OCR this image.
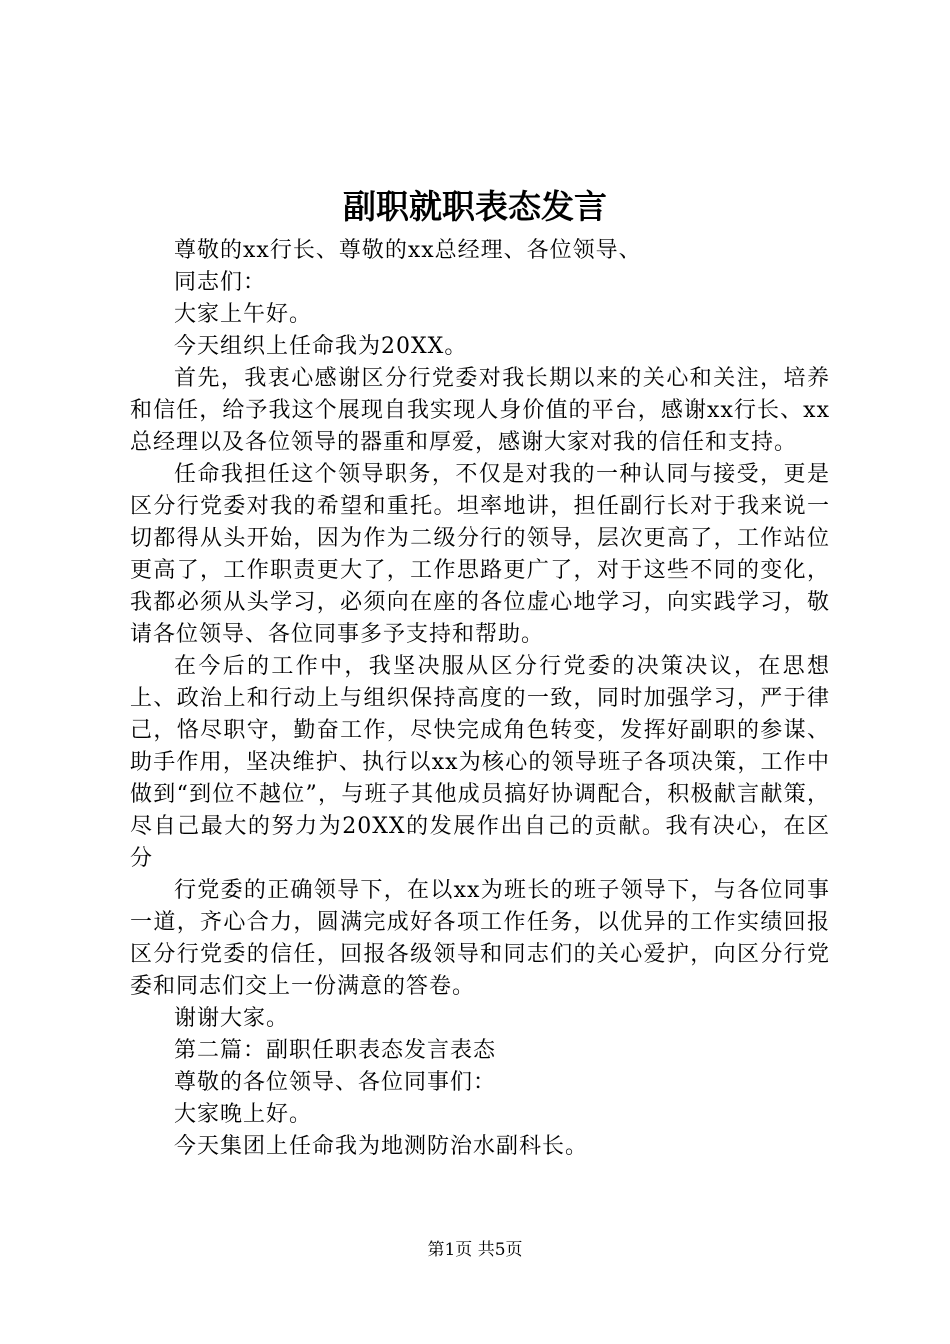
副职就职表态发言

尊敬的xx行长、尊敬的xx总经理、各位领导、

同志们：

大家上午好。

今天组织上任命我为20XX。

首先，我衷心感谢区分行党委对我长期以来的关心和关注，培养和信任，给予我这个展现自我实现人身价值的平台，感谢xx行长、xx总经理以及各位领导的器重和厚爱，感谢大家对我的信任和支持。

任命我担任这个领导职务，不仅是对我的一种认同与接受，更是区分行党委对我的希望和重托。坦率地讲，担任副行长对于我来说一切都得从头开始，因为作为二级分行的领导，层次更高了，工作站位更高了，工作职责更大了，工作思路更广了，对于这些不同的变化，我都必须从头学习，必须向在座的各位虚心地学习，向实践学习，敬请各位领导、各位同事多予支持和帮助。

在今后的工作中，我坚决服从区分行党委的决策决议，在思想上、政治上和行动上与组织保持高度的一致，同时加强学习，严于律己，恪尽职守，勤奋工作，尽快完成角色转变，发挥好副职的参谋、助手作用，坚决维护、执行以xx为核心的领导班子各项决策，工作中做到“到位不越位”，与班子其他成员搞好协调配合，积极献言献策，尽自己最大的努力为20XX的发展作出自己的贡献。我有决心，在区分

行党委的正确领导下，在以xx为班长的班子领导下，与各位同事一道，齐心合力，圆满完成好各项工作任务，以优异的工作实绩回报区分行党委的信任，回报各级领导和同志们的关心爱护，向区分行党委和同志们交上一份满意的答卷。

谢谢大家。

第二篇：副职任职表态发言表态

尊敬的各位领导、各位同事们：

大家晚上好。

今天集团上任命我为地测防治水副科长。

第1页 共5页
